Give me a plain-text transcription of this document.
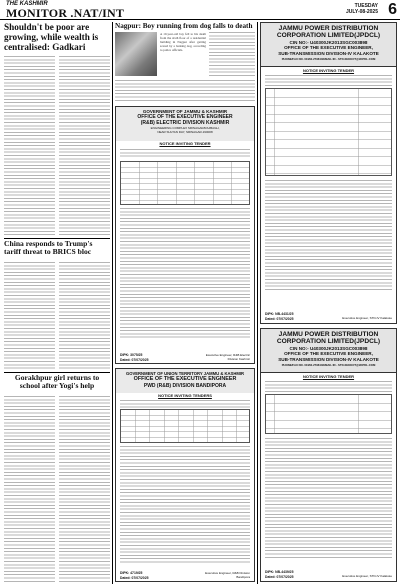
THE KASHMIR
MONITOR .NAT/INT	TUESDAY
JULY-08-2025 6
Shouldn't be poor are growing, while wealth is centralised: Gadkari
China responds to Trump's tariff threat to BRICS bloc
Gorakhpur girl returns to school after Yogi's help
Nagpur: Boy running from dog falls to death
A 10-year-old boy fell to his death from the sixth floor of a residential building in Nagpur after getting scared by a barking dog, according to police officials.
GOVERNMENT OF JAMMU & KASHMIR
OFFICE OF THE EXECUTIVE ENGINEER
(R&B) ELECTRIC DIVISION KASHMIR
ENGINEERING COMPLEX SRINAGAR/RAJBAGH,
NEAR SULTAN DAY, SRINAGAR-190008
NOTICE INVITING TENDER
DIPK: 3075/25
Dated: 07/07/2025
Executive Engineer, R&B Electric Division Kashmir
GOVERNMENT OF UNION TERRITORY JAMMU & KASHMIR
OFFICE OF THE EXECUTIVE ENGINEER
PWD (R&B) DIVISION BANDIPORA
NOTICE INVITING TENDERS
DIPK: 4719/25
Dated: 07/07/2025
Executive Engineer, R&B Division Bandipora
JAMMU POWER DISTRIBUTION
CORPORATION LIMITED(JPDCL)
CIN NO:- U40300JK2013SGC003898
OFFICE OF THE EXECUTIVE ENGINEER,
SUB-TRANSMISSION DIVISION-IV KALAKOTE
PHONE/FAX NO. 01960-279644/EMAIL ID:- STD.XEKKOT@JKPDL.COM
NOTICE INVITING TENDER
DIPK: NB-4431/25
Dated: 07/07/2025	Executive Engineer, STD-IV Kalakote
JAMMU POWER DISTRIBUTION
CORPORATION LIMITED(JPDCL)
CIN NO:- U40300JK2013SGC003898
OFFICE OF THE EXECUTIVE ENGINEER,
SUB-TRANSMISSION DIVISION-IV KALAKOTE
PHONE/FAX NO. 01960-279644/EMAIL ID:- STD.XEKKOT@JKPDL.COM
NOTICE INVITING TENDER
DIPK: NB-4439/25
Dated: 07/07/2025	Executive Engineer, STD-IV Kalakote
